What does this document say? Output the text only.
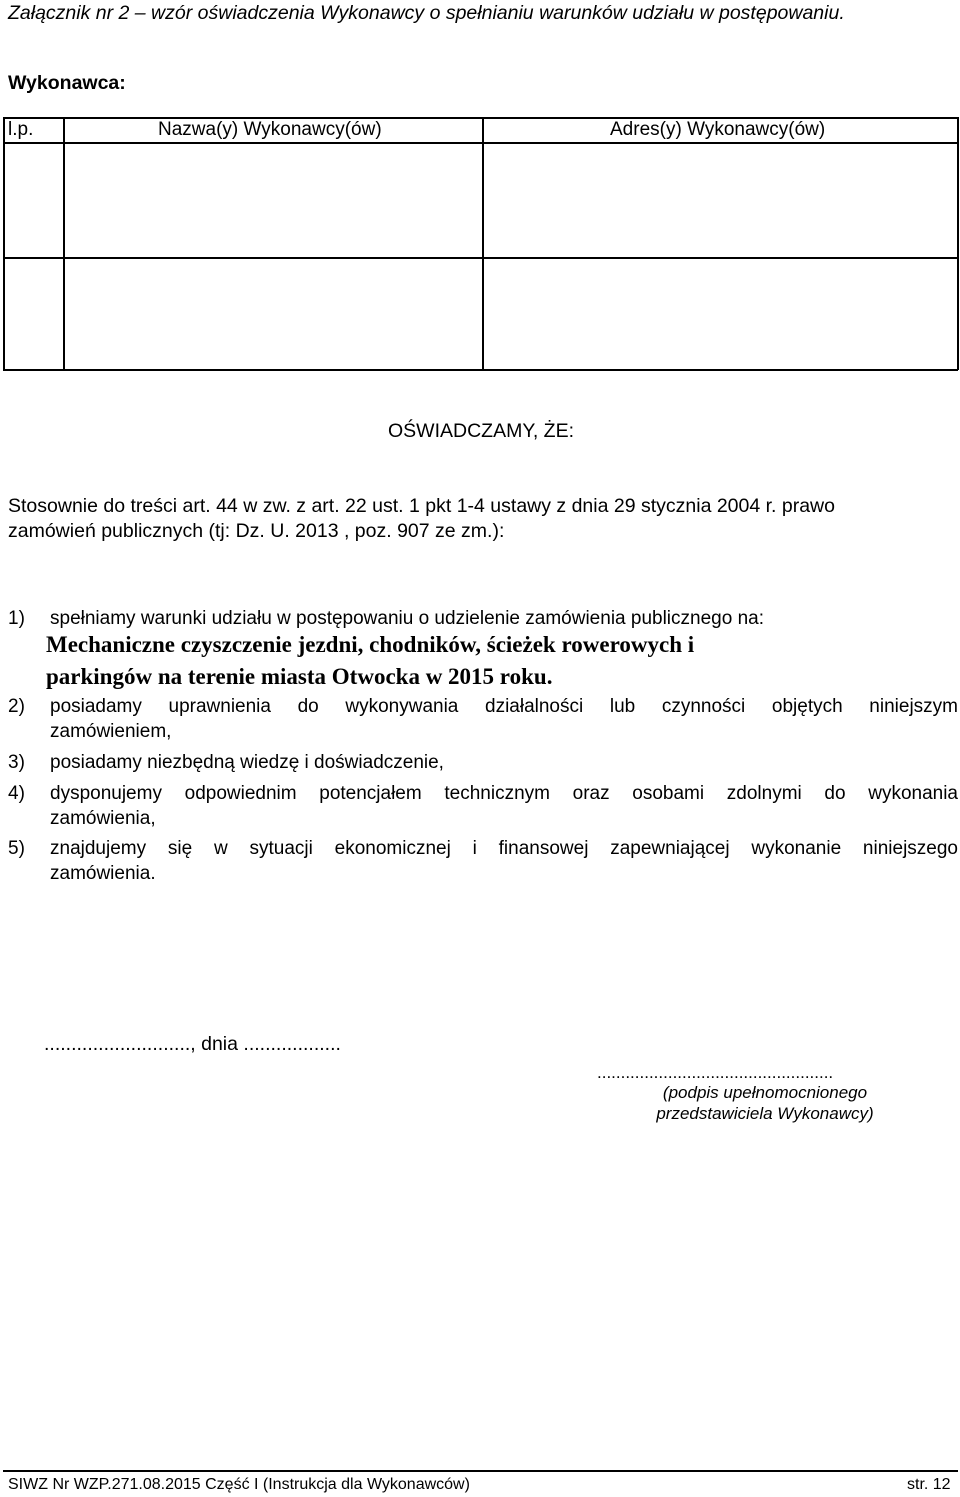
Załącznik nr 2 – wzór oświadczenia Wykonawcy o spełnianiu warunków udziału w postępowaniu.
Wykonawca:
l.p.	Nazwa(y) Wykonawcy(ów)	Adres(y) Wykonawcy(ów)
OŚWIADCZAMY, ŻE:
Stosownie do treści art. 44 w zw. z art. 22 ust. 1 pkt 1-4 ustawy z dnia 29 stycznia 2004 r. prawo
zamówień publicznych (tj: Dz. U. 2013 , poz. 907 ze zm.):
1) spełniamy warunki udziału w postępowaniu o udzielenie zamówienia publicznego na:
Mechaniczne czyszczenie jezdni, chodników, ścieżek rowerowych i
parkingów na terenie miasta Otwocka w 2015 roku.
2) posiadamy uprawnienia do wykonywania działalności lub czynności objętych niniejszym
zamówieniem,
3) posiadamy niezbędną wiedzę i doświadczenie,
4) dysponujemy odpowiednim potencjałem technicznym oraz osobami zdolnymi do wykonania
zamówienia,
5) znajdujemy się w sytuacji ekonomicznej i finansowej zapewniającej wykonanie niniejszego
zamówienia.
..........................., dnia ..................
..................................................
(podpis upełnomocnionego
przedstawiciela Wykonawcy)
SIWZ Nr WZP.271.08.2015 Część I (Instrukcja dla Wykonawców)	str. 12
